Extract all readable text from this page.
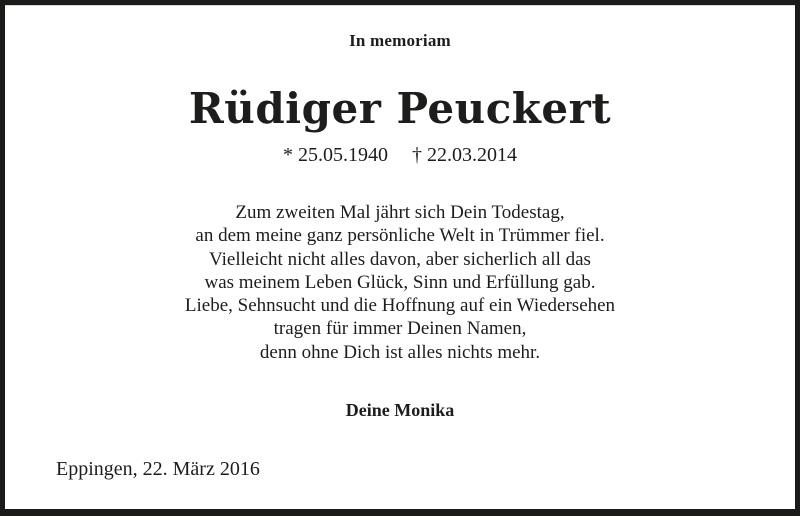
In memoriam
Rüdiger Peuckert
* 25.05.1940 † 22.03.2014
Zum zweiten Mal jährt sich Dein Todestag,
an dem meine ganz persönliche Welt in Trümmer fiel.
Vielleicht nicht alles davon, aber sicherlich all das
was meinem Leben Glück, Sinn und Erfüllung gab.
Liebe, Sehnsucht und die Hoffnung auf ein Wiedersehen
tragen für immer Deinen Namen,
denn ohne Dich ist alles nichts mehr.
Deine Monika
Eppingen, 22. März 2016
